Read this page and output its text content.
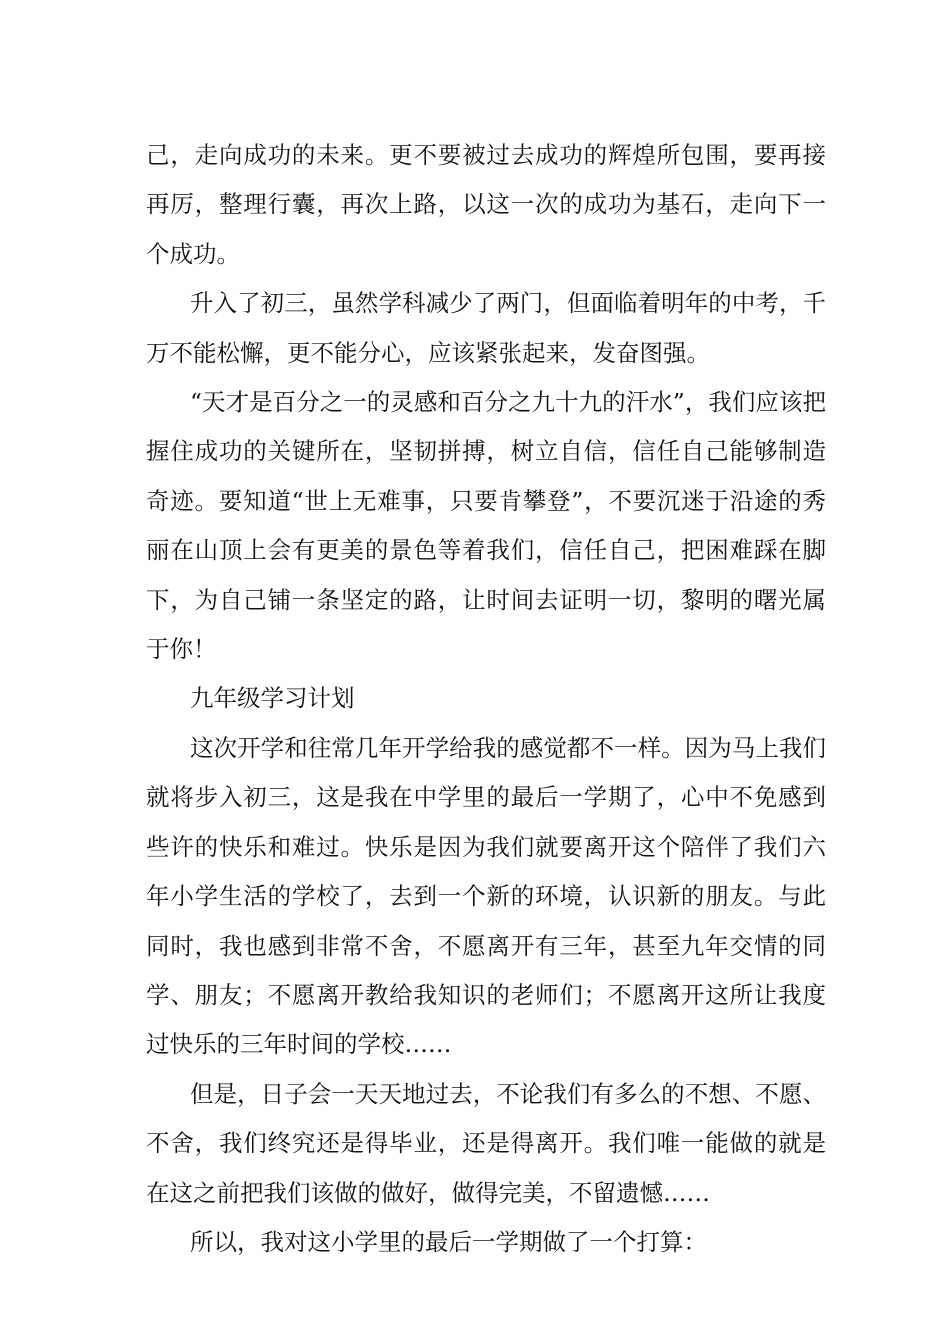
己，走向成功的未来。更不要被过去成功的辉煌所包围，要再接再厉，整理行囊，再次上路，以这一次的成功为基石，走向下一个成功。

升入了初三，虽然学科减少了两门，但面临着明年的中考，千万不能松懈，更不能分心，应该紧张起来，发奋图强。

“天才是百分之一的灵感和百分之九十九的汗水”，我们应该把握住成功的关键所在，坚韧拼搏，树立自信，信任自己能够制造奇迹。要知道“世上无难事，只要肯攀登”，不要沉迷于沿途的秀丽在山顶上会有更美的景色等着我们，信任自己，把困难踩在脚下，为自己铺一条坚定的路，让时间去证明一切，黎明的曙光属于你！

九年级学习计划

这次开学和往常几年开学给我的感觉都不一样。因为马上我们就将步入初三，这是我在中学里的最后一学期了，心中不免感到些许的快乐和难过。快乐是因为我们就要离开这个陪伴了我们六年小学生活的学校了，去到一个新的环境，认识新的朋友。与此同时，我也感到非常不舍，不愿离开有三年，甚至九年交情的同学、朋友；不愿离开教给我知识的老师们；不愿离开这所让我度过快乐的三年时间的学校……

但是，日子会一天天地过去，不论我们有多么的不想、不愿、不舍，我们终究还是得毕业，还是得离开。我们唯一能做的就是在这之前把我们该做的做好，做得完美，不留遗憾……

所以，我对这小学里的最后一学期做了一个打算：
